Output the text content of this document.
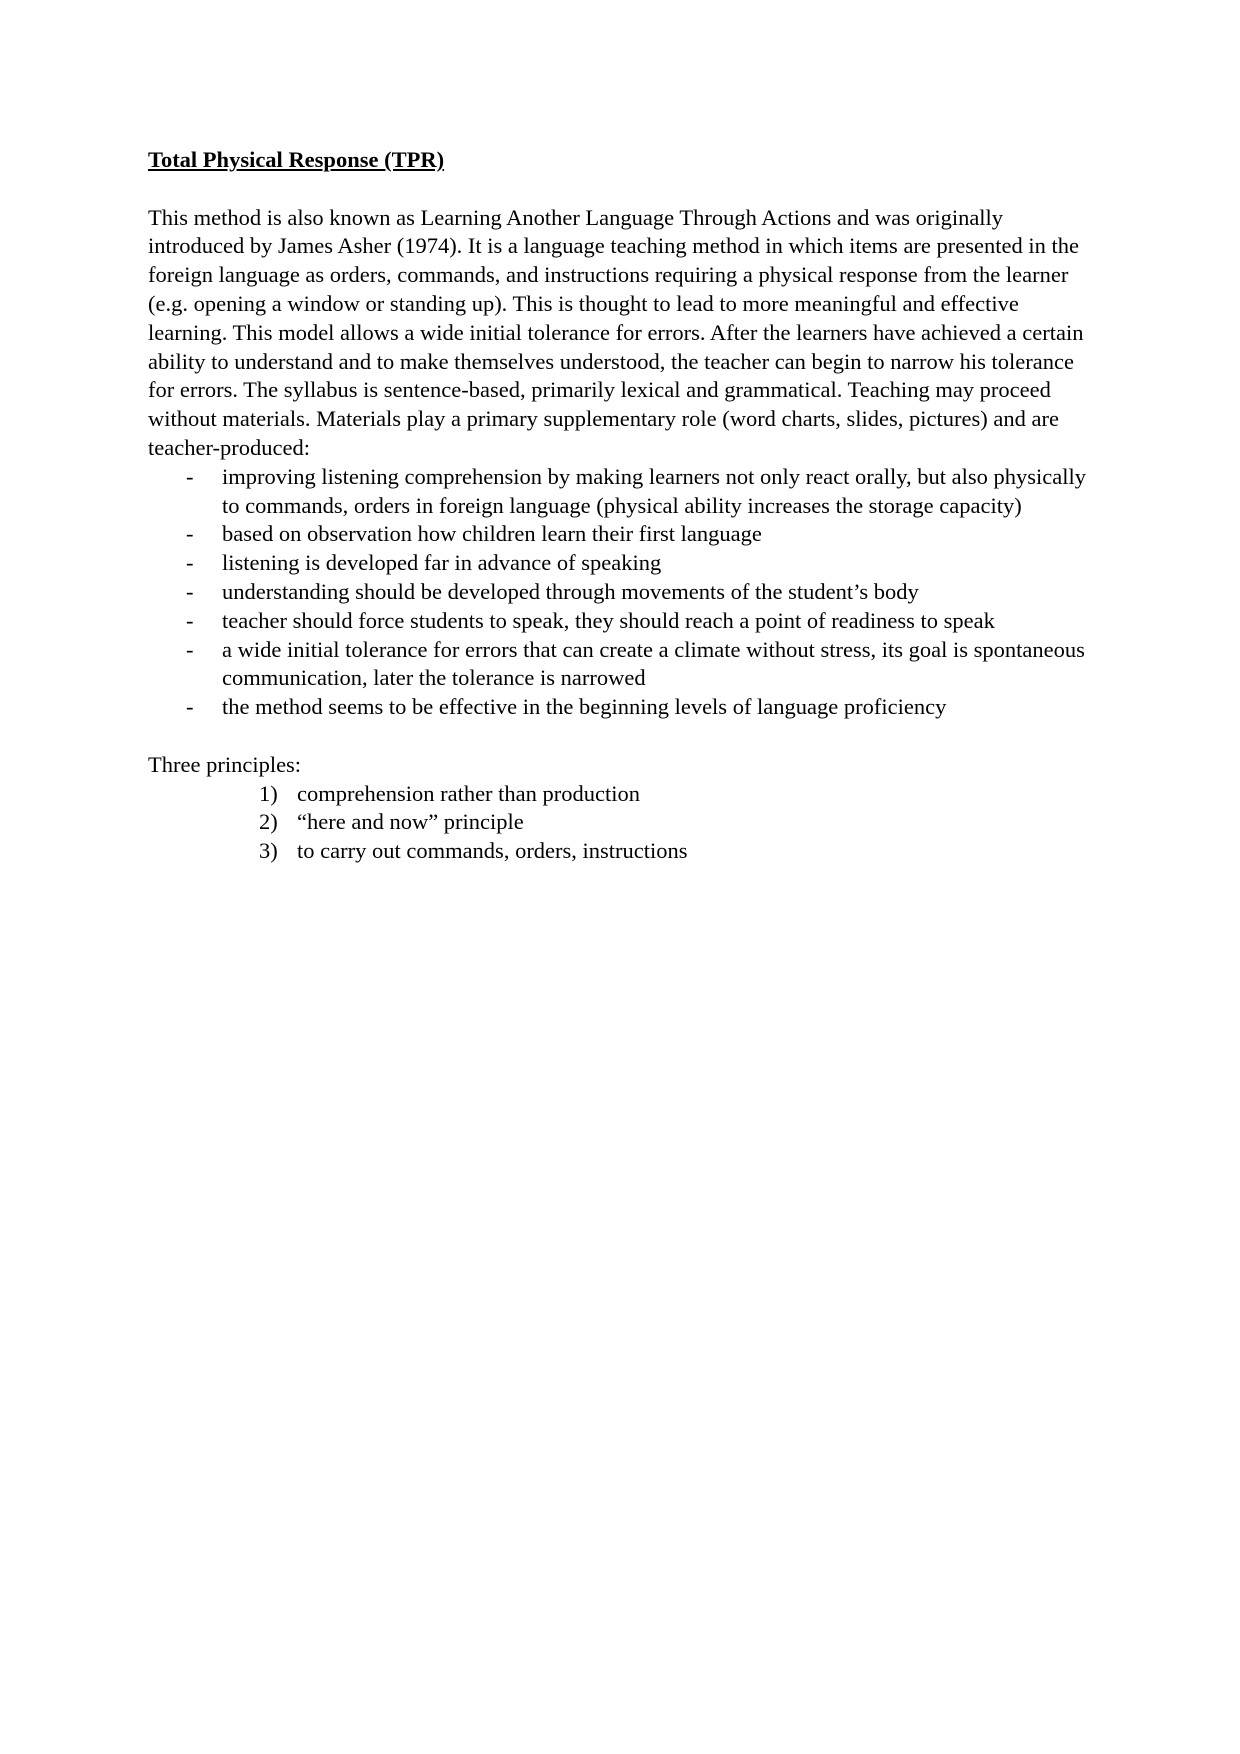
Total Physical Response (TPR)

This method is also known as Learning Another Language Through Actions and was originally introduced by James Asher (1974). It is a language teaching method in which items are presented in the foreign language as orders, commands, and instructions requiring a physical response from the learner (e.g. opening a window or standing up). This is thought to lead to more meaningful and effective learning. This model allows a wide initial tolerance for errors. After the learners have achieved a certain ability to understand and to make themselves understood, the teacher can begin to narrow his tolerance for errors. The syllabus is sentence-based, primarily lexical and grammatical. Teaching may proceed without materials. Materials play a primary supplementary role (word charts, slides, pictures) and are teacher-produced:

- improving listening comprehension by making learners not only react orally, but also physically to commands, orders in foreign language (physical ability increases the storage capacity)
- based on observation how children learn their first language
- listening is developed far in advance of speaking
- understanding should be developed through movements of the student’s body
- teacher should force students to speak, they should reach a point of readiness to speak
- a wide initial tolerance for errors that can create a climate without stress, its goal is spontaneous communication, later the tolerance is narrowed
- the method seems to be effective in the beginning levels of language proficiency

Three principles:

1) comprehension rather than production
2) “here and now” principle
3) to carry out commands, orders, instructions
